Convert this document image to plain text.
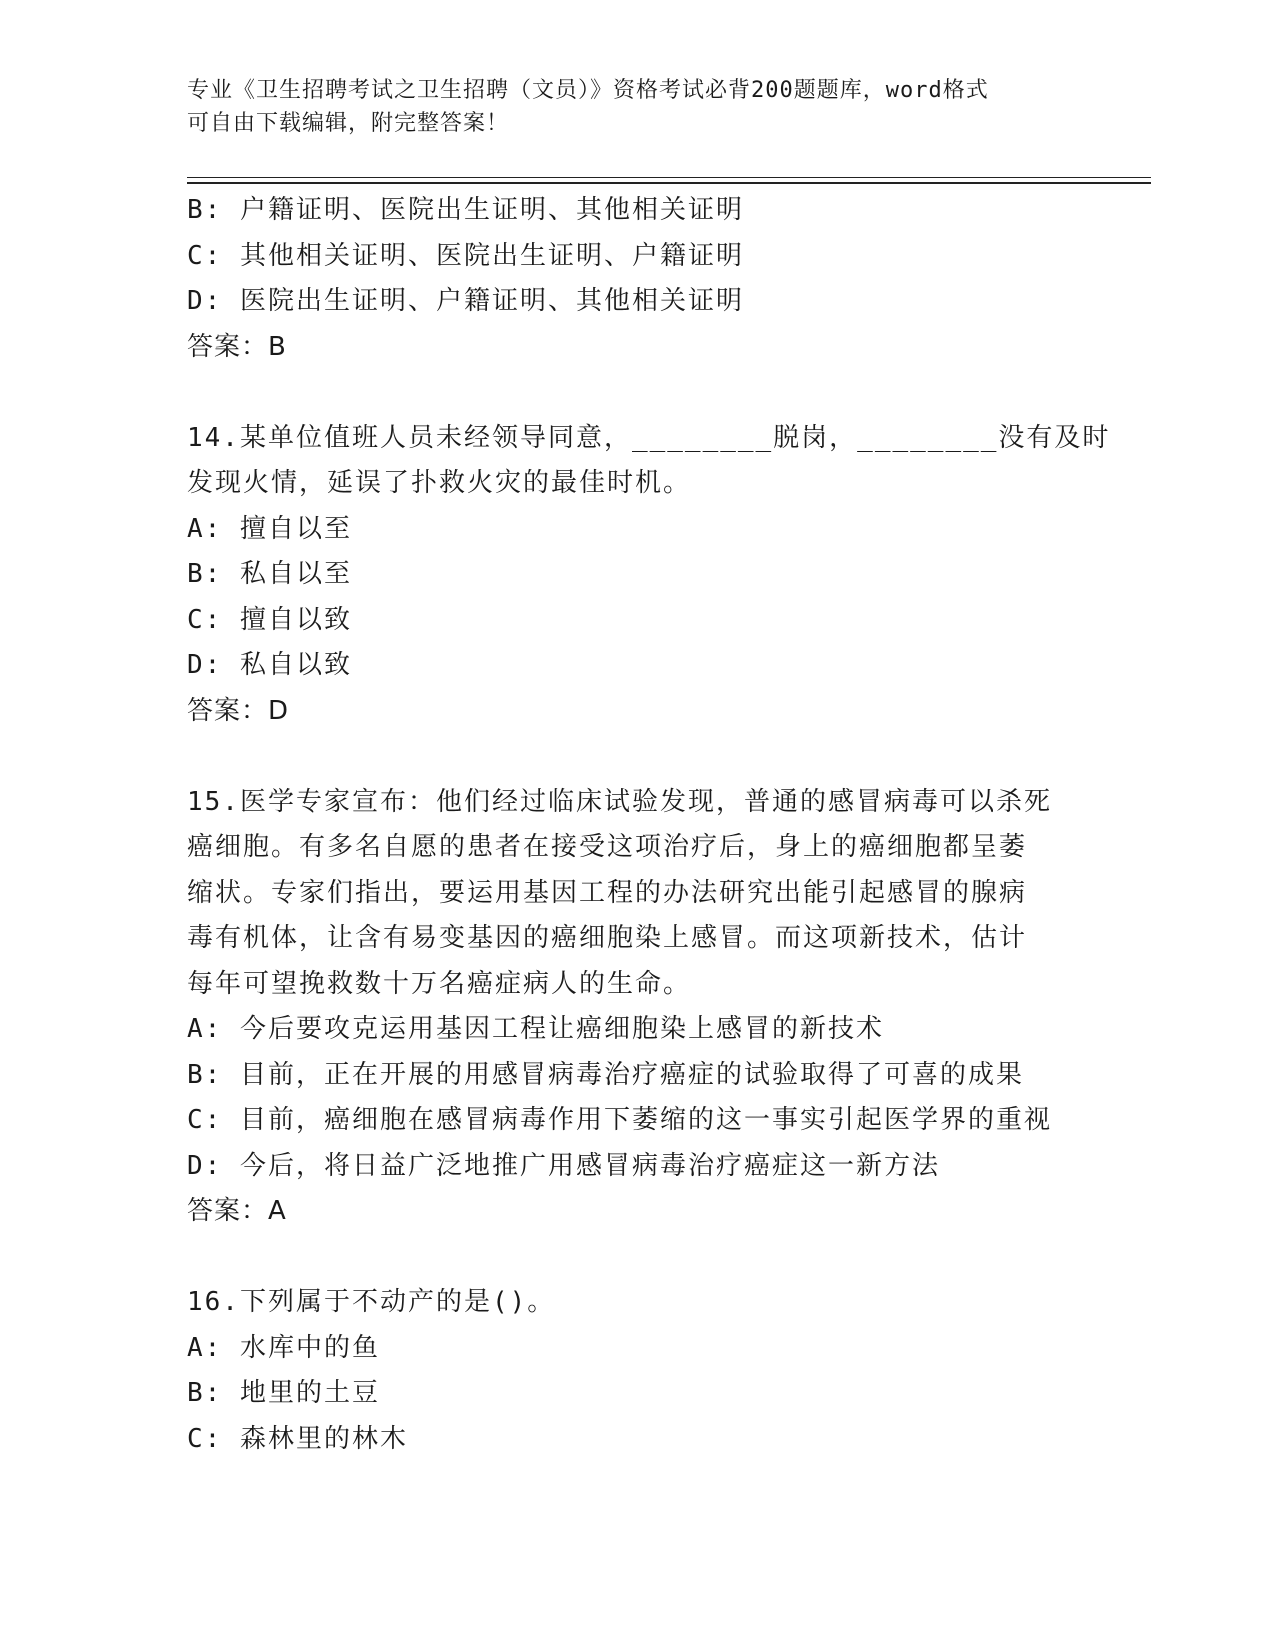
专业《卫生招聘考试之卫生招聘（文员）》资格考试必背200题题库，word格式
可自由下载编辑，附完整答案！
B: 户籍证明、医院出生证明、其他相关证明
C: 其他相关证明、医院出生证明、户籍证明
D: 医院出生证明、户籍证明、其他相关证明
答案：B
14.某单位值班人员未经领导同意，________脱岗，________没有及时
发现火情，延误了扑救火灾的最佳时机。
A: 擅自以至
B: 私自以至
C: 擅自以致
D: 私自以致
答案：D
15.医学专家宣布：他们经过临床试验发现，普通的感冒病毒可以杀死
癌细胞。有多名自愿的患者在接受这项治疗后，身上的癌细胞都呈萎
缩状。专家们指出，要运用基因工程的办法研究出能引起感冒的腺病
毒有机体，让含有易变基因的癌细胞染上感冒。而这项新技术，估计
每年可望挽救数十万名癌症病人的生命。
A: 今后要攻克运用基因工程让癌细胞染上感冒的新技术
B: 目前，正在开展的用感冒病毒治疗癌症的试验取得了可喜的成果
C: 目前，癌细胞在感冒病毒作用下萎缩的这一事实引起医学界的重视
D: 今后，将日益广泛地推广用感冒病毒治疗癌症这一新方法
答案：A
16.下列属于不动产的是()。
A: 水库中的鱼
B: 地里的土豆
C: 森林里的林木
